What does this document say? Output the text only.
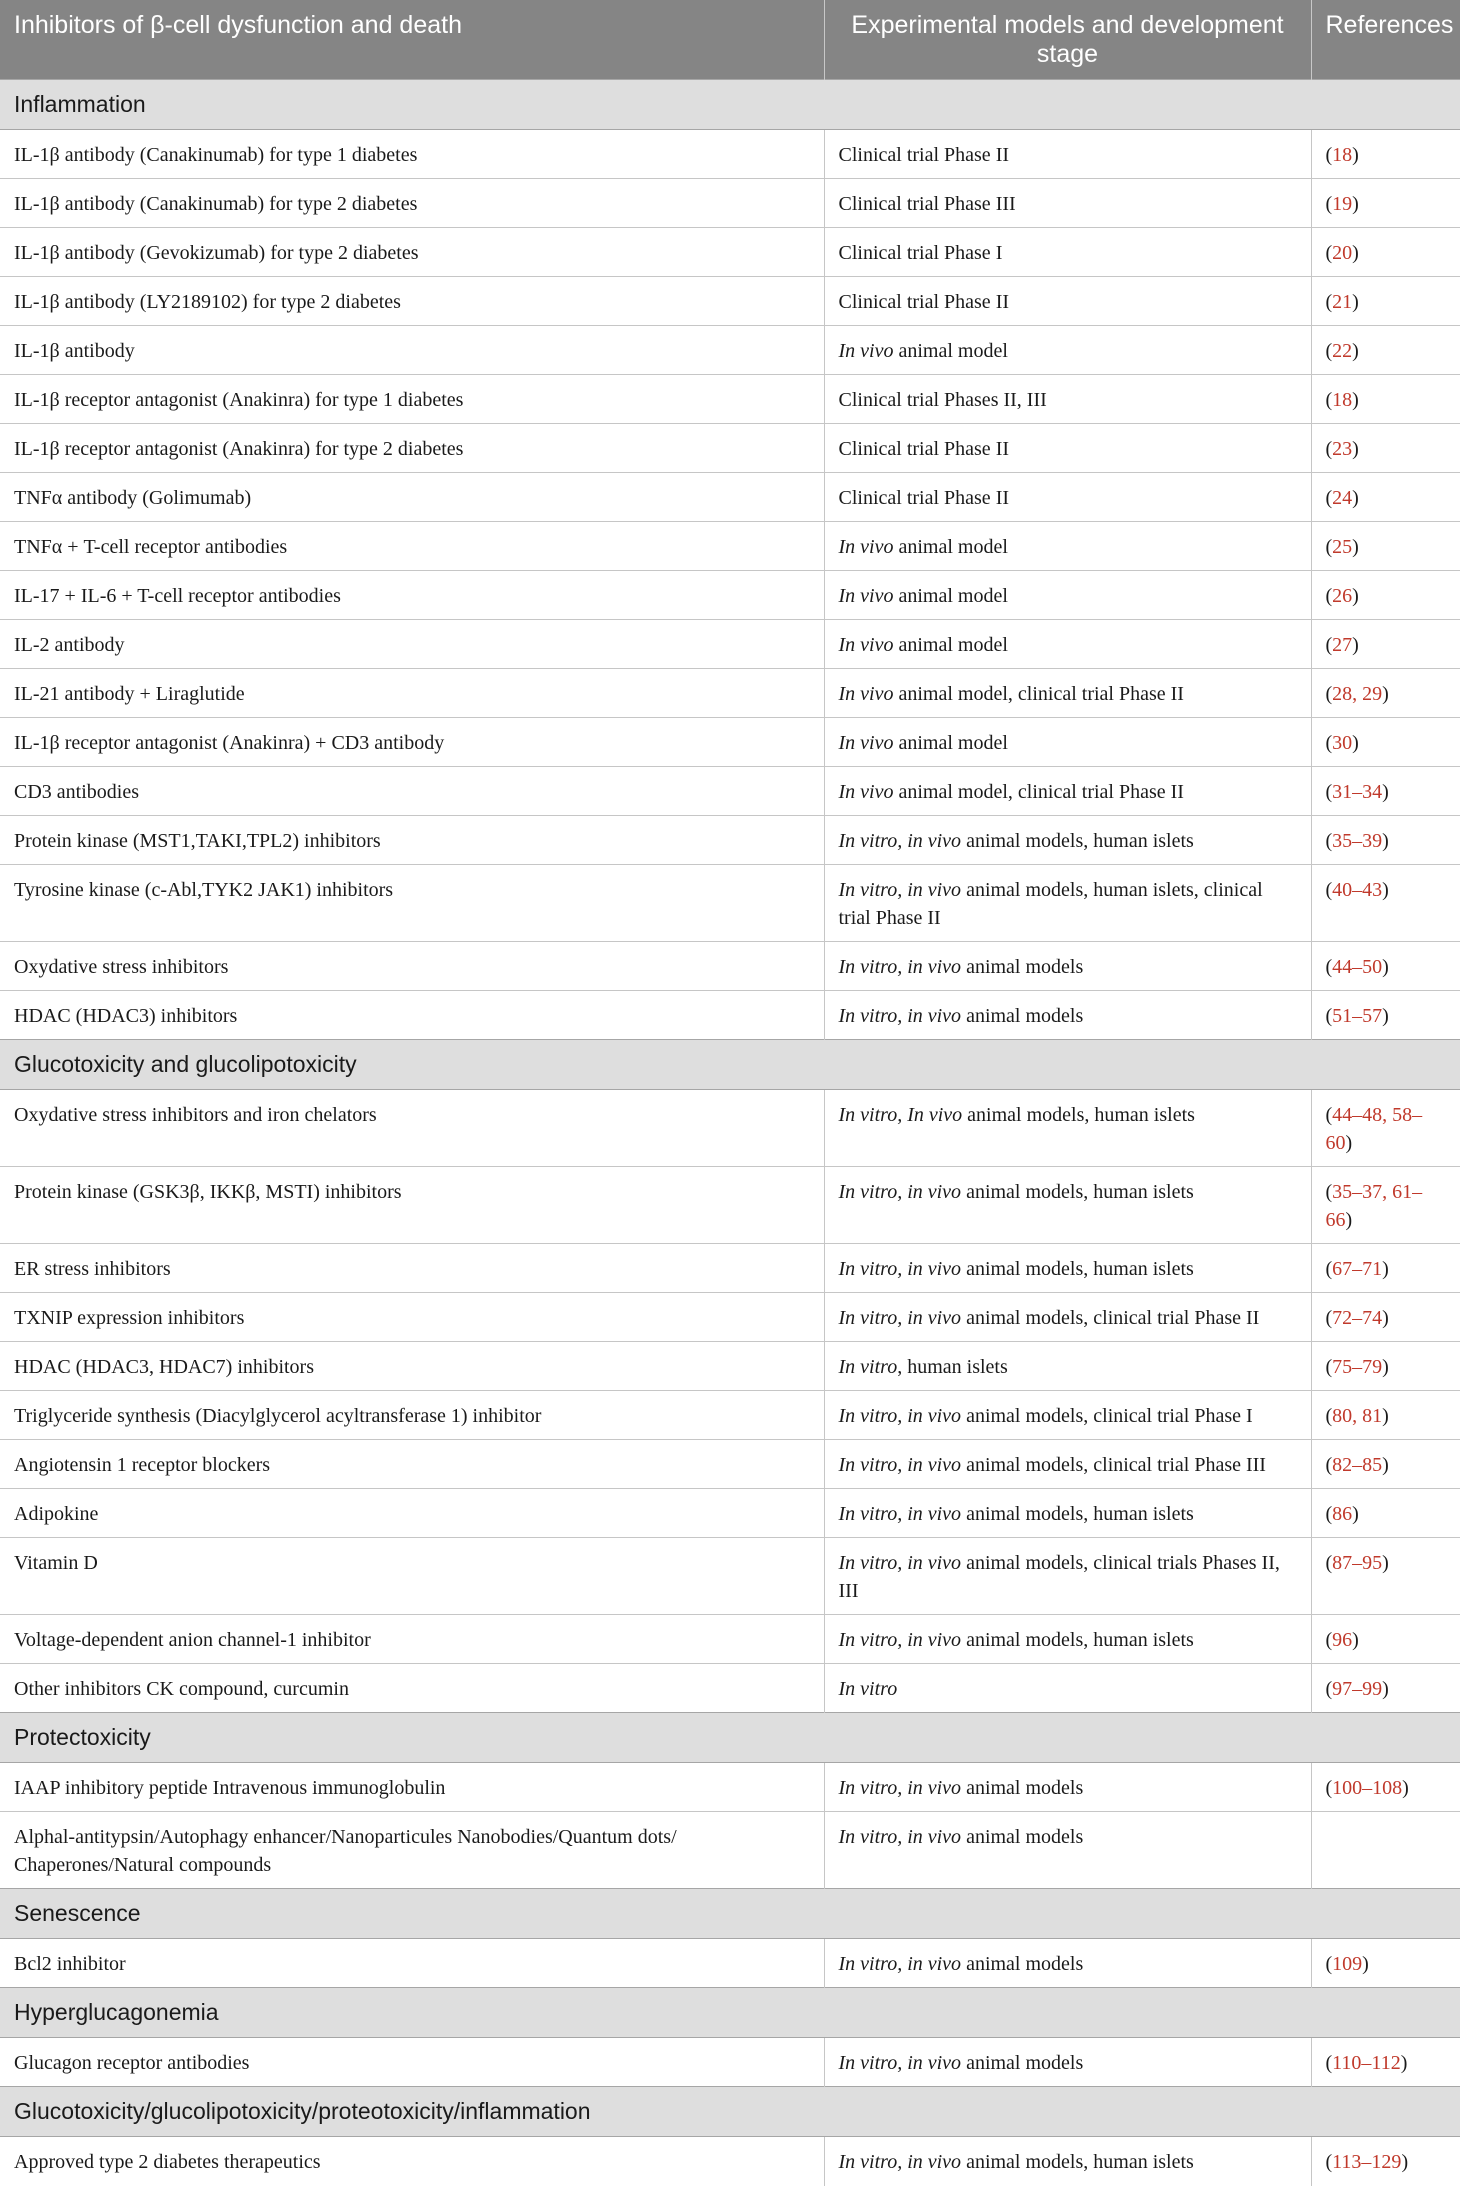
Inhibitors of β-cell dysfunction and death	Experimental models and development stage	References
Inflammation		
IL-1β antibody (Canakinumab) for type 1 diabetes	Clinical trial Phase II	(18)
IL-1β antibody (Canakinumab) for type 2 diabetes	Clinical trial Phase III	(19)
IL-1β antibody (Gevokizumab) for type 2 diabetes	Clinical trial Phase I	(20)
IL-1β antibody (LY2189102) for type 2 diabetes	Clinical trial Phase II	(21)
IL-1β antibody	In vivo animal model	(22)
IL-1β receptor antagonist (Anakinra) for type 1 diabetes	Clinical trial Phases II, III	(18)
IL-1β receptor antagonist (Anakinra) for type 2 diabetes	Clinical trial Phase II	(23)
TNFα antibody (Golimumab)	Clinical trial Phase II	(24)
TNFα + T-cell receptor antibodies	In vivo animal model	(25)
IL-17 + IL-6 + T-cell receptor antibodies	In vivo animal model	(26)
IL-2 antibody	In vivo animal model	(27)
IL-21 antibody + Liraglutide	In vivo animal model, clinical trial Phase II	(28, 29)
IL-1β receptor antagonist (Anakinra) + CD3 antibody	In vivo animal model	(30)
CD3 antibodies	In vivo animal model, clinical trial Phase II	(31–34)
Protein kinase (MST1,TAKI,TPL2) inhibitors	In vitro, in vivo animal models, human islets	(35–39)
Tyrosine kinase (c-Abl,TYK2 JAK1) inhibitors	In vitro, in vivo animal models, human islets, clinical trial Phase II	(40–43)
Oxydative stress inhibitors	In vitro, in vivo animal models	(44–50)
HDAC (HDAC3) inhibitors	In vitro, in vivo animal models	(51–57)
Glucotoxicity and glucolipotoxicity		
Oxydative stress inhibitors and iron chelators	In vitro, In vivo animal models, human islets	(44–48, 58–60)
Protein kinase (GSK3β, IKKβ, MSTI) inhibitors	In vitro, in vivo animal models, human islets	(35–37, 61–66)
ER stress inhibitors	In vitro, in vivo animal models, human islets	(67–71)
TXNIP expression inhibitors	In vitro, in vivo animal models, clinical trial Phase II	(72–74)
HDAC (HDAC3, HDAC7) inhibitors	In vitro, human islets	(75–79)
Triglyceride synthesis (Diacylglycerol acyltransferase 1) inhibitor	In vitro, in vivo animal models, clinical trial Phase I	(80, 81)
Angiotensin 1 receptor blockers	In vitro, in vivo animal models, clinical trial Phase III	(82–85)
Adipokine	In vitro, in vivo animal models, human islets	(86)
Vitamin D	In vitro, in vivo animal models, clinical trials Phases II, III	(87–95)
Voltage-dependent anion channel-1 inhibitor	In vitro, in vivo animal models, human islets	(96)
Other inhibitors CK compound, curcumin	In vitro	(97–99)
Protectoxicity		
IAAP inhibitory peptide Intravenous immunoglobulin	In vitro, in vivo animal models	(100–108)
Alphal-antitypsin/Autophagy enhancer/Nanoparticules Nanobodies/Quantum dots/ Chaperones/Natural compounds	In vitro, in vivo animal models	
Senescence		
Bcl2 inhibitor	In vitro, in vivo animal models	(109)
Hyperglucagonemia		
Glucagon receptor antibodies	In vitro, in vivo animal models	(110–112)
Glucotoxicity/glucolipotoxicity/proteotoxicity/inflammation		
Approved type 2 diabetes therapeutics	In vitro, in vivo animal models, human islets	(113–129)
